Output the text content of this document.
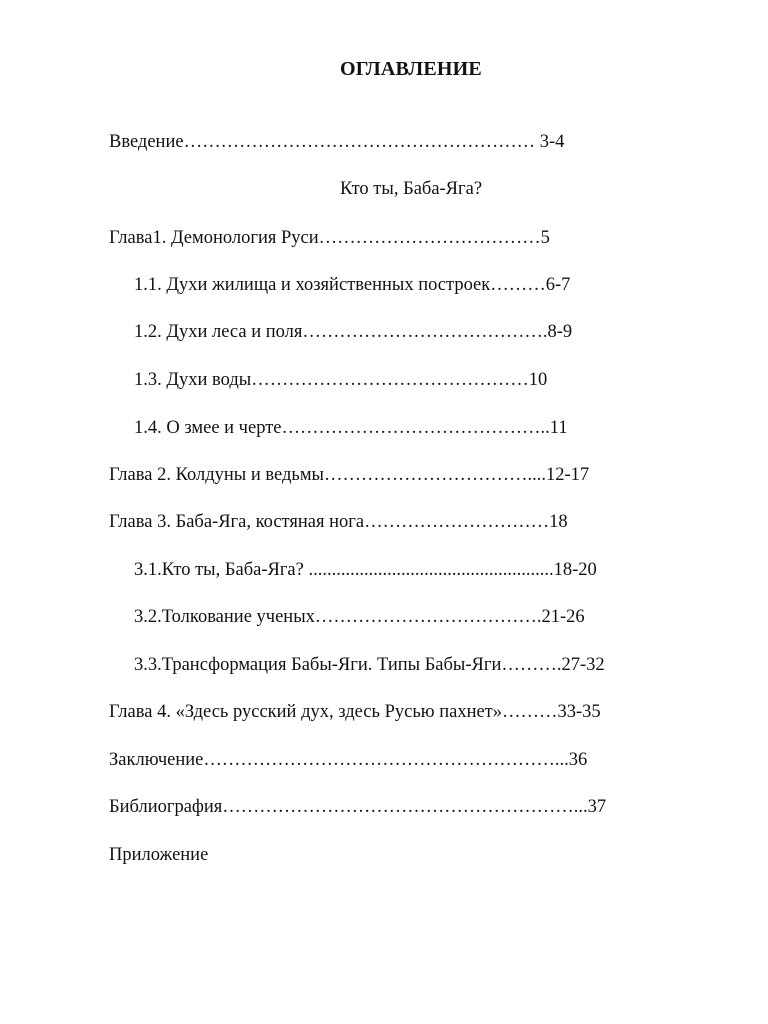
ОГЛАВЛЕНИЕ
Введение………………………………………………… 3-4
Кто ты, Баба-Яга?
Глава1. Демонология Руси………………………………5
1.1. Духи жилища и хозяйственных построек………6-7
1.2. Духи леса и поля………………………………….8-9
1.3. Духи воды………………………………………10
1.4. О змее и черте……………………………………..11
Глава 2. Колдуны и ведьмы……………………………....12-17
Глава 3. Баба-Яга, костяная нога…………………………18
3.1.Кто ты, Баба-Яга? .....................................................18-20
3.2.Толкование ученых……………………………….21-26
3.3.Трансформация Бабы-Яги. Типы Бабы-Яги……….27-32
Глава 4. «Здесь русский дух, здесь Русью пахнет»………33-35
Заключение…………………………………………………...36
Библиография…………………………………………………...37
Приложение
